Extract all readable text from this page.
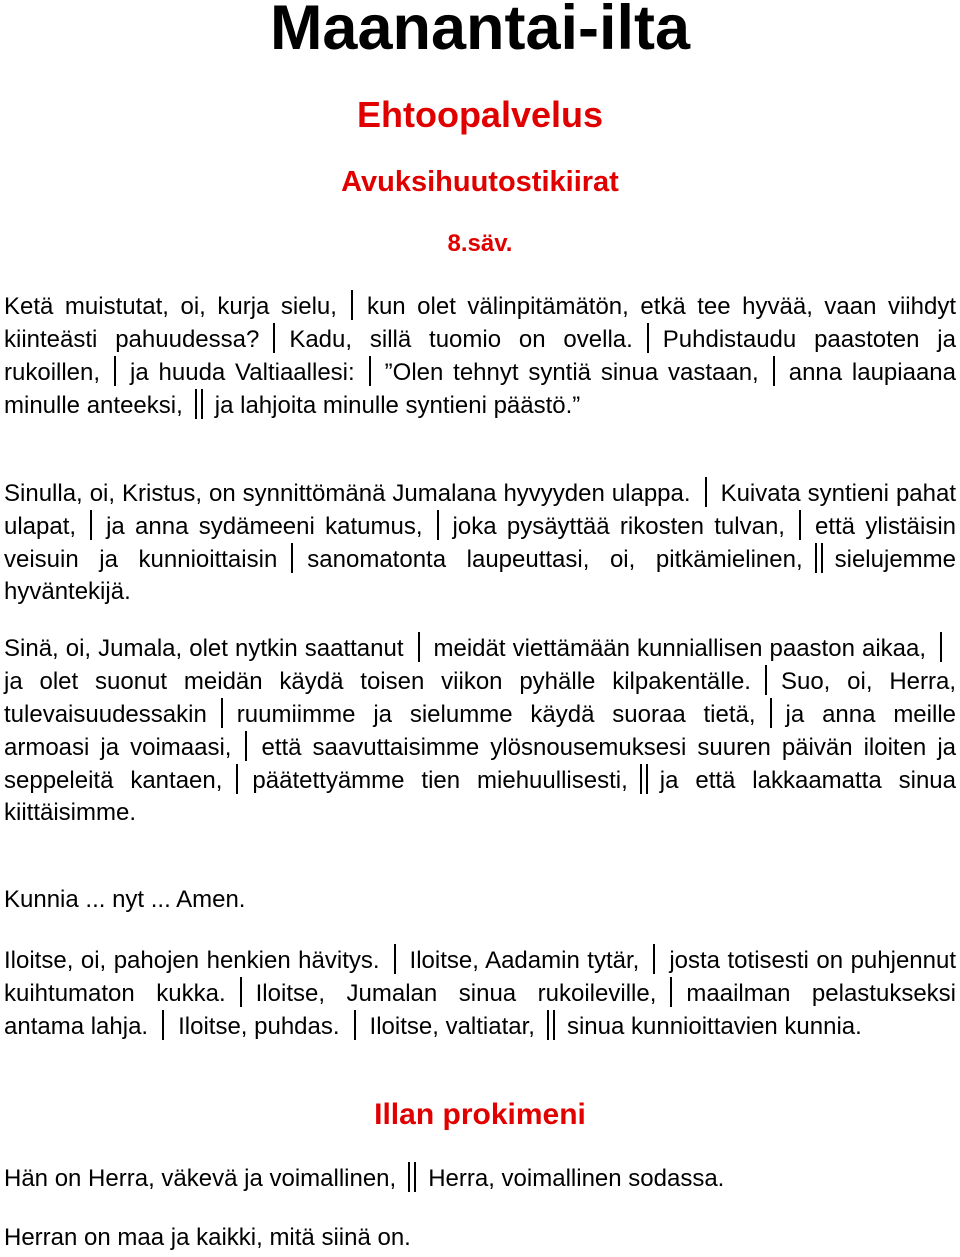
Maanantai-ilta
Ehtoopalvelus
Avuksihuutostikiirat
8.säv.
Ketä muistutat, oi, kurja sielu, kun olet välinpitämätön, etkä tee hyvää, vaan viihdyt kiinteästi pahuudessa? Kadu, sillä tuomio on ovella. Puhdistaudu paastoten ja rukoillen, ja huuda Valtiaallesi: ”Olen tehnyt syntiä sinua vastaan, anna laupiaana minulle anteeksi, ja lahjoita minulle syntieni päästö.”
Sinulla, oi, Kristus, on synnittömänä Jumalana hyvyyden ulappa. Kuivata syntieni pahat ulapat, ja anna sydämeeni katumus, joka pysäyttää rikosten tulvan, että ylistäisin veisuin ja kunnioittaisin sanomatonta laupeuttasi, oi, pitkämielinen, sielujemme hyväntekijä.
Sinä, oi, Jumala, olet nytkin saattanut meidät viettämään kunniallisen paaston aikaa,ja olet suonut meidän käydä toisen viikon pyhälle kilpakentälle. Suo, oi, Herra, tulevaisuudessakin ruumiimme ja sielumme käydä suoraa tietä, ja anna meille armoasi ja voimaasi, että saavuttaisimme ylösnousemuksesi suuren päivän iloiten ja seppeleitä kantaen, päätettyämme tien miehuullisesti, ja että lakkaamatta sinua kiittäisimme.
Kunnia ... nyt ... Amen.
Iloitse, oi, pahojen henkien hävitys. Iloitse, Aadamin tytär, josta totisesti on puhjennut kuihtumaton kukka. Iloitse, Jumalan sinua rukoileville, maailman pelastukseksi antama lahja. Iloitse, puhdas. Iloitse, valtiatar, sinua kunnioittavien kunnia.
Illan prokimeni
Hän on Herra, väkevä ja voimallinen, Herra, voimallinen sodassa.
Herran on maa ja kaikki, mitä siinä on.
